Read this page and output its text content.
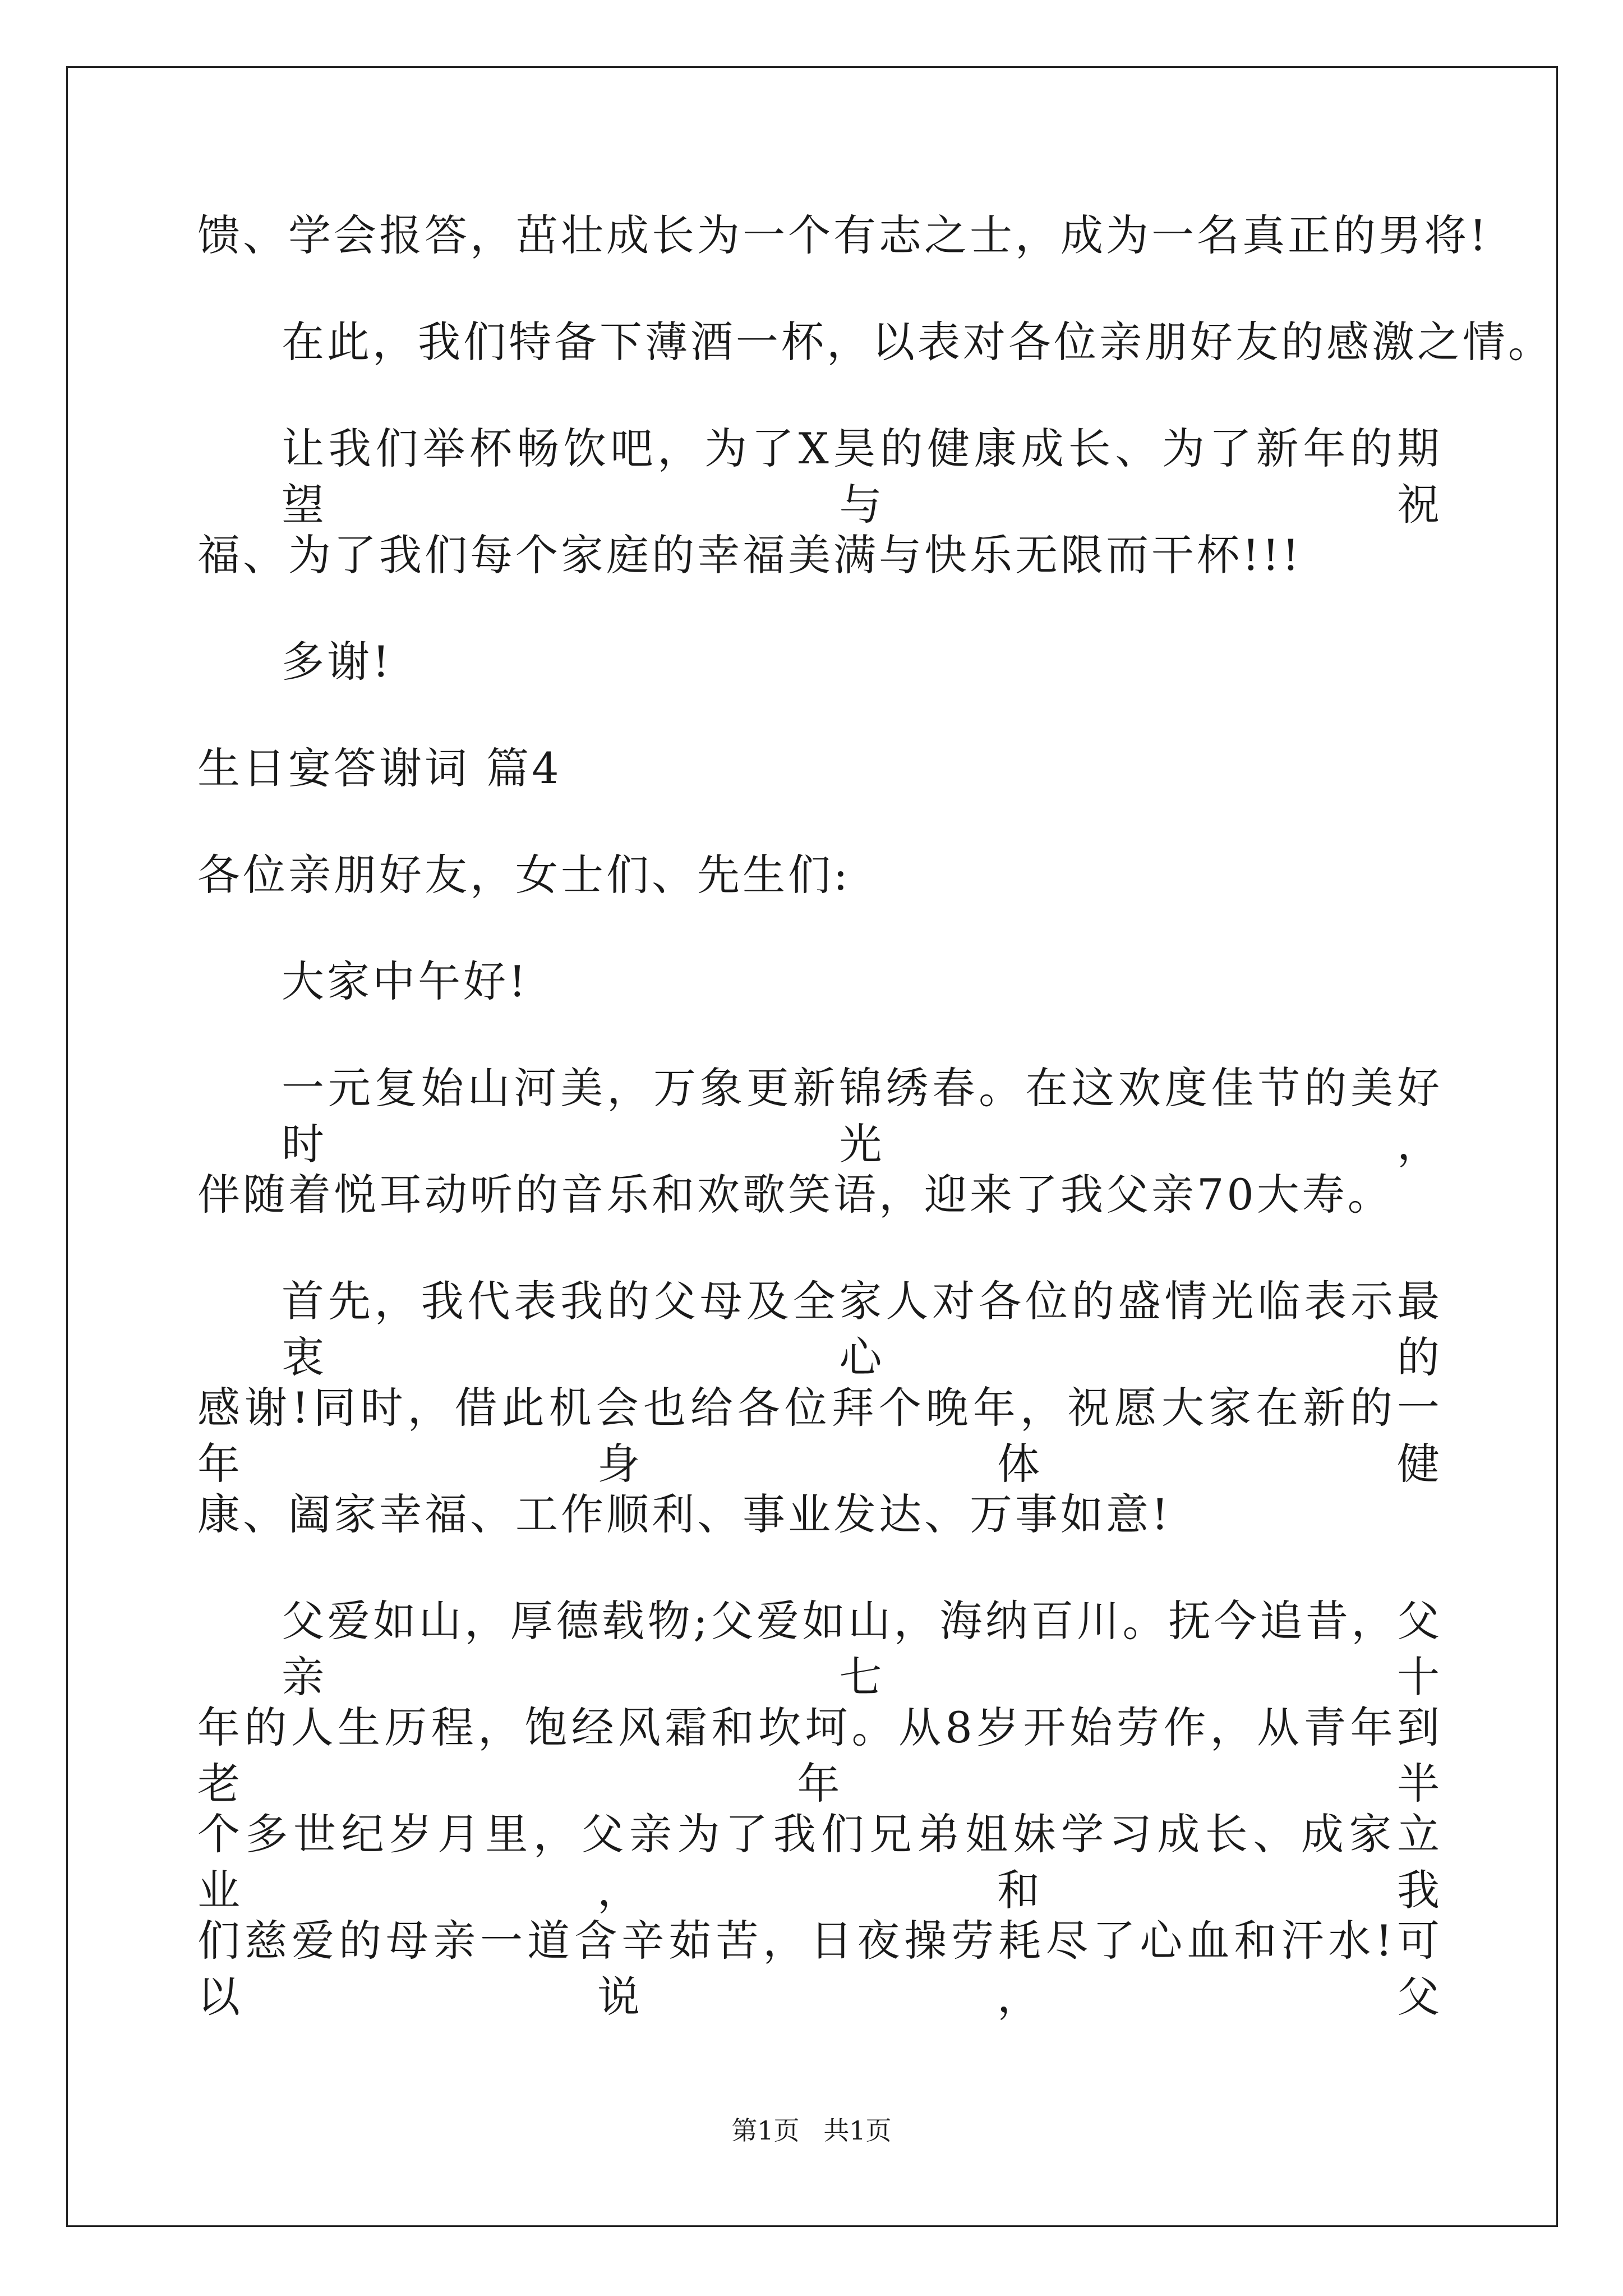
馈、学会报答，茁壮成长为一个有志之士，成为一名真正的男将!
在此，我们特备下薄酒一杯，以表对各位亲朋好友的感激之情。
让我们举杯畅饮吧，为了X昊的健康成长、为了新年的期望与祝
福、为了我们每个家庭的幸福美满与快乐无限而干杯!!!
多谢!
生日宴答谢词 篇4
各位亲朋好友，女士们、先生们:
大家中午好!
一元复始山河美，万象更新锦绣春。在这欢度佳节的美好时光，
伴随着悦耳动听的音乐和欢歌笑语，迎来了我父亲70大寿。
首先，我代表我的父母及全家人对各位的盛情光临表示最衷心的
感谢!同时，借此机会也给各位拜个晚年，祝愿大家在新的一年身体健
康、阖家幸福、工作顺利、事业发达、万事如意!
父爱如山，厚德载物;父爱如山，海纳百川。抚今追昔，父亲七十
年的人生历程，饱经风霜和坎坷。从8岁开始劳作，从青年到老年半
个多世纪岁月里，父亲为了我们兄弟姐妹学习成长、成家立业，和我
们慈爱的母亲一道含辛茹苦，日夜操劳耗尽了心血和汗水!可以说，父
第1页 共1页
